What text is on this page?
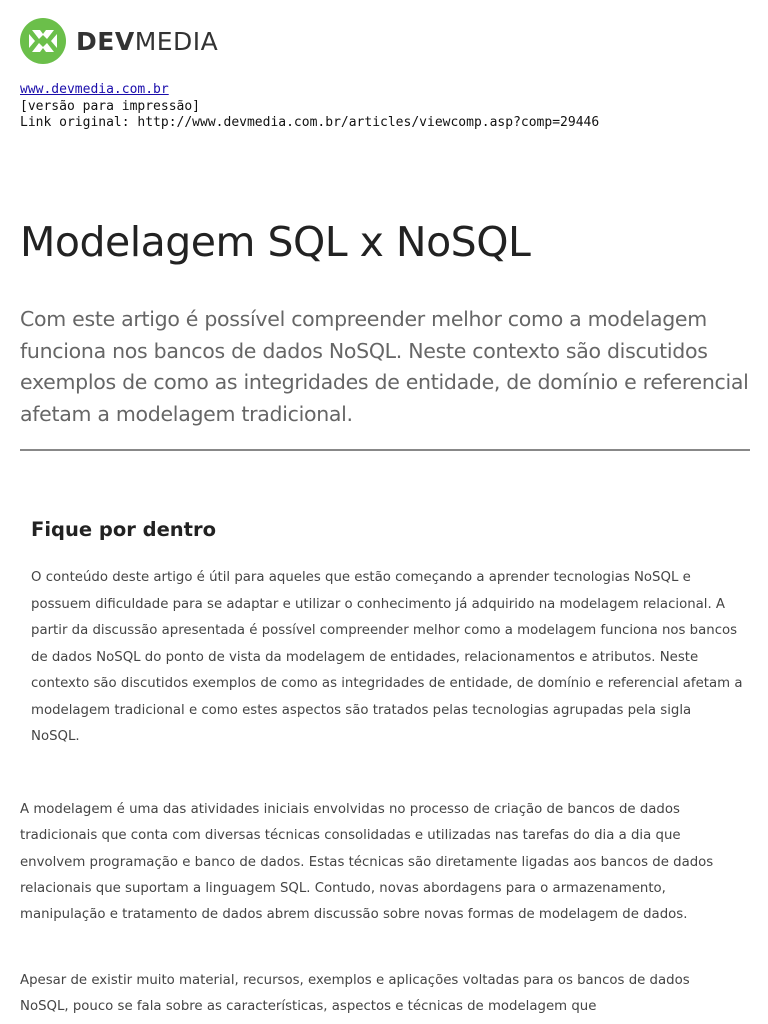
DEVMEDIA
www.devmedia.com.br
[versão para impressão]
Link original: http://www.devmedia.com.br/articles/viewcomp.asp?comp=29446
Modelagem SQL x NoSQL

Com este artigo é possível compreender melhor como a modelagem funciona nos bancos de dados NoSQL. Neste contexto são discutidos exemplos de como as integridades de entidade, de domínio e referencial afetam a modelagem tradicional.

Fique por dentro

O conteúdo deste artigo é útil para aqueles que estão começando a aprender tecnologias NoSQL e possuem dificuldade para se adaptar e utilizar o conhecimento já adquirido na modelagem relacional. A partir da discussão apresentada é possível compreender melhor como a modelagem funciona nos bancos de dados NoSQL do ponto de vista da modelagem de entidades, relacionamentos e atributos. Neste contexto são discutidos exemplos de como as integridades de entidade, de domínio e referencial afetam a modelagem tradicional e como estes aspectos são tratados pelas tecnologias agrupadas pela sigla NoSQL.

A modelagem é uma das atividades iniciais envolvidas no processo de criação de bancos de dados tradicionais que conta com diversas técnicas consolidadas e utilizadas nas tarefas do dia a dia que envolvem programação e banco de dados. Estas técnicas são diretamente ligadas aos bancos de dados relacionais que suportam a linguagem SQL. Contudo, novas abordagens para o armazenamento, manipulação e tratamento de dados abrem discussão sobre novas formas de modelagem de dados.

Apesar de existir muito material, recursos, exemplos e aplicações voltadas para os bancos de dados NoSQL, pouco se fala sobre as características, aspectos e técnicas de modelagem que
